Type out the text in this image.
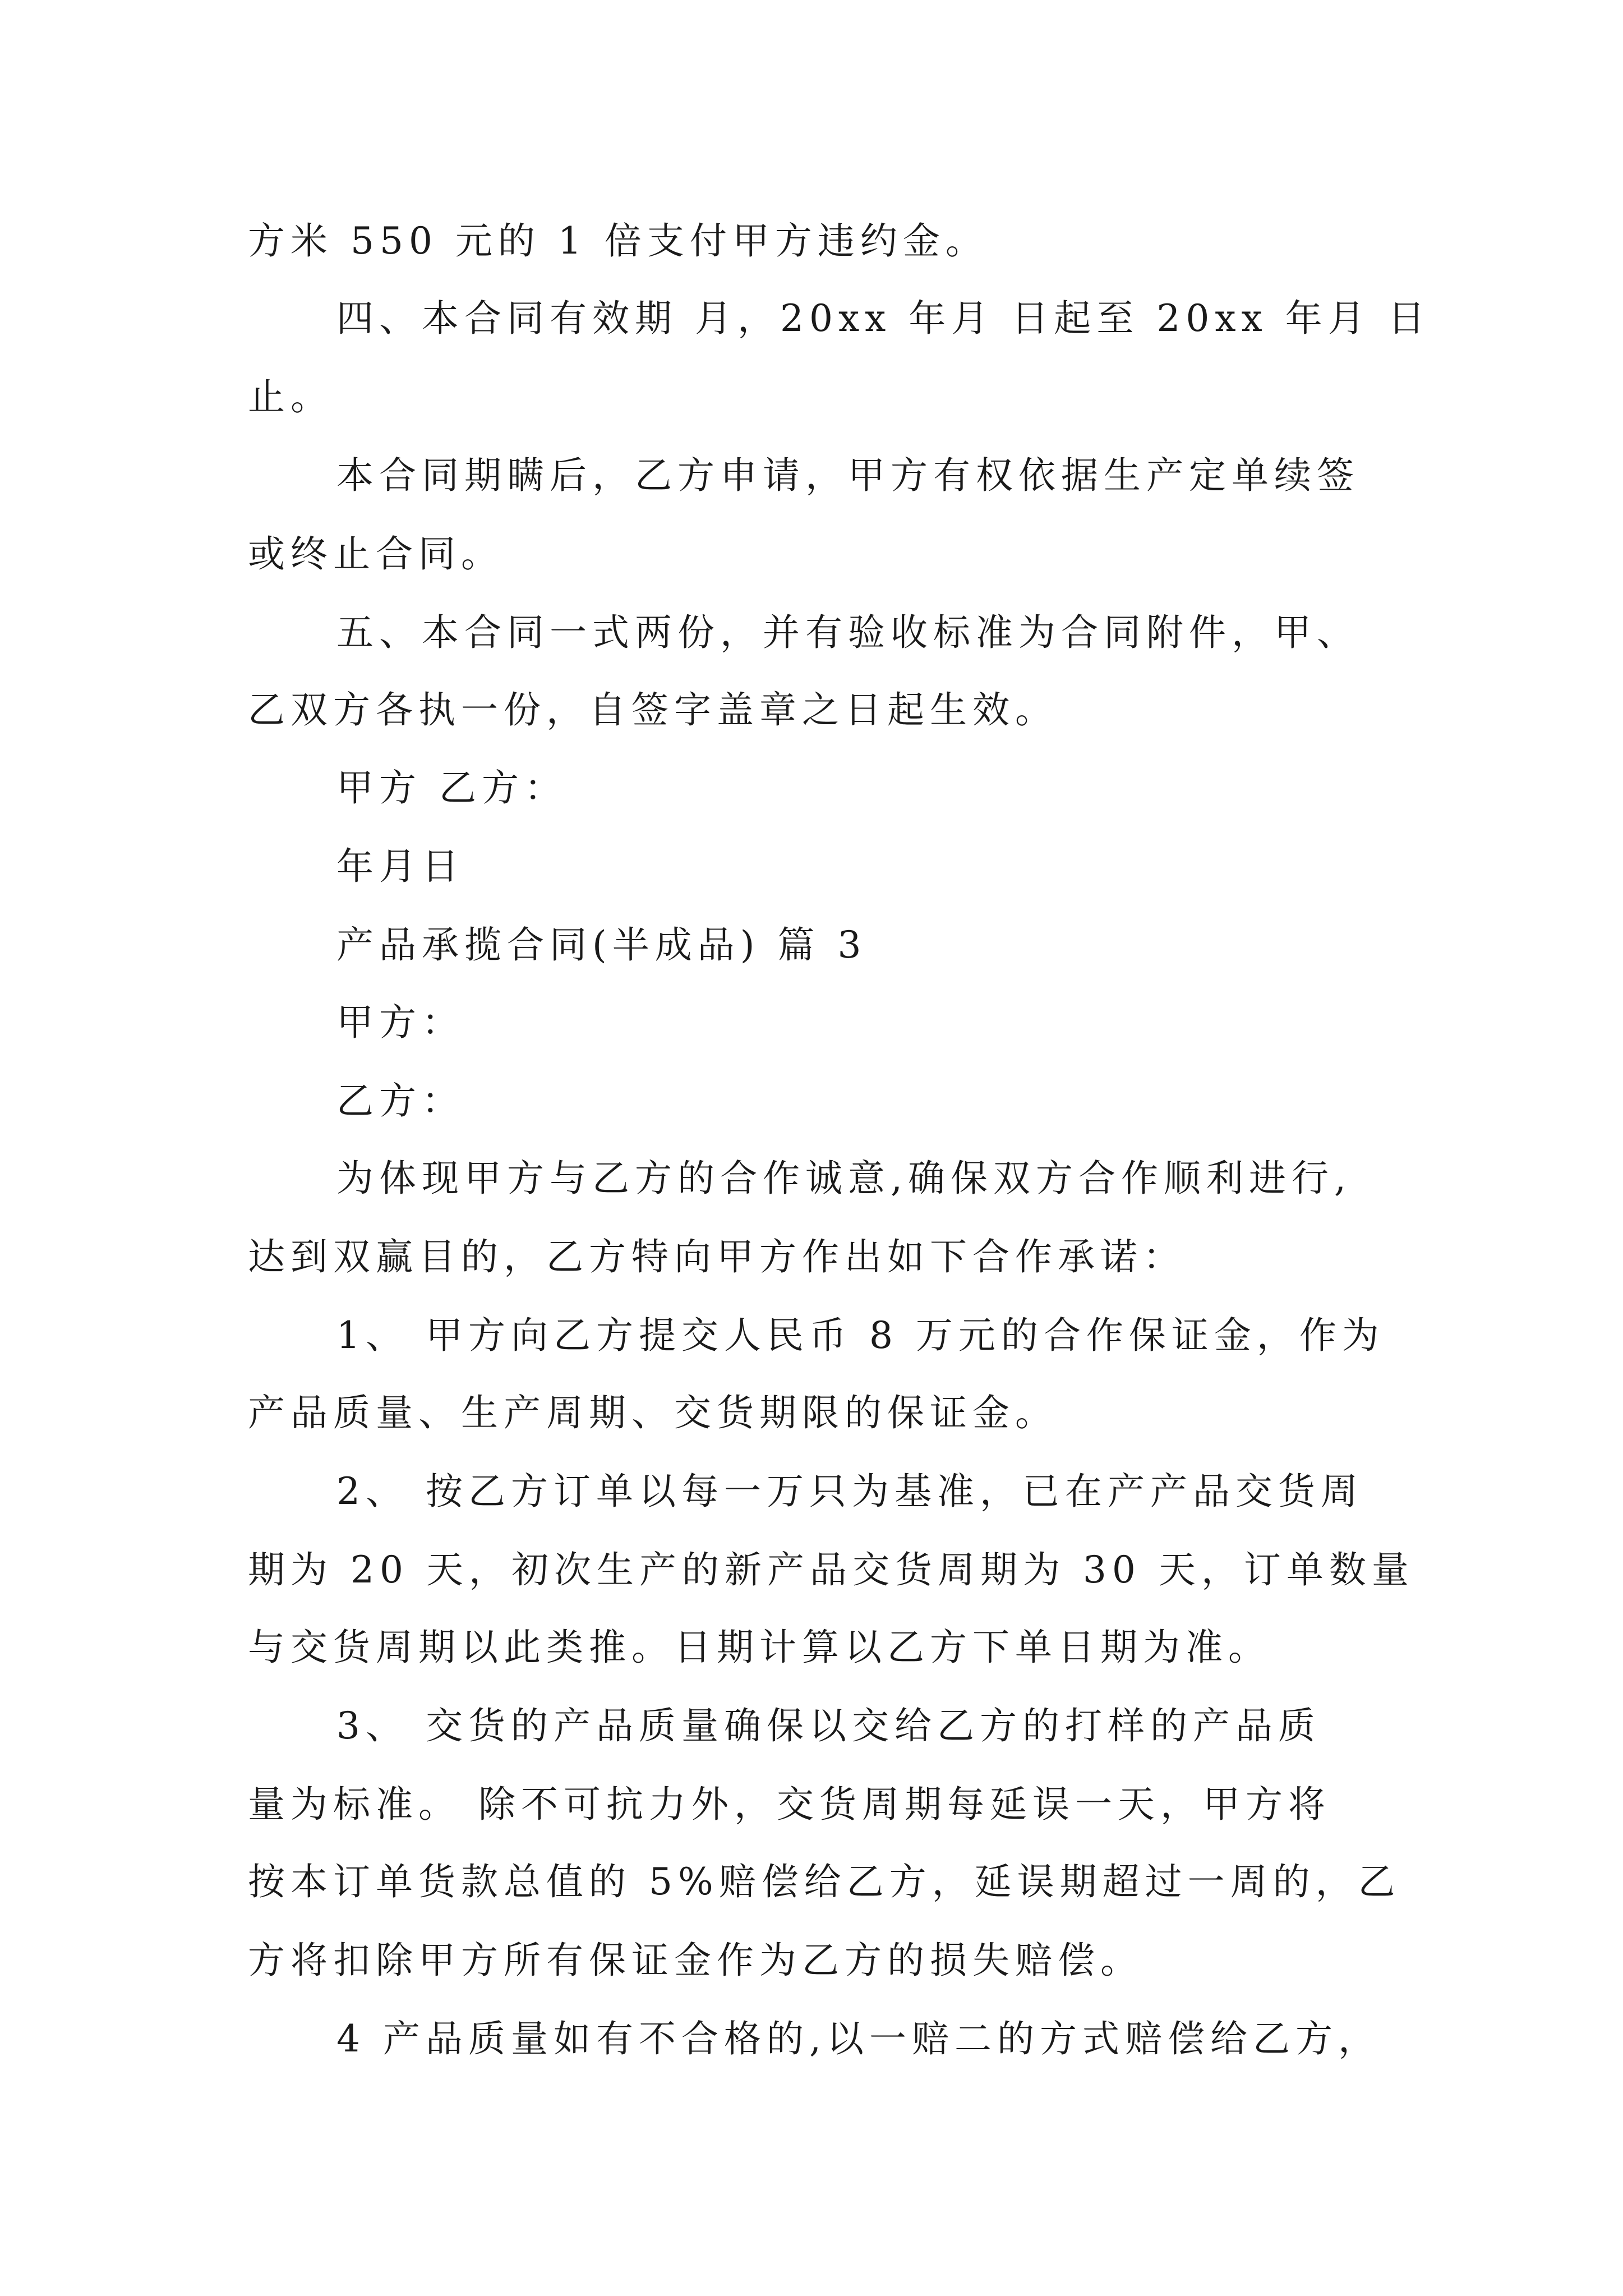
方米 550 元的 1 倍支付甲方违约金。
四、本合同有效期 月，20xx 年月 日起至 20xx 年月 日
止。
本合同期瞒后，乙方申请，甲方有权依据生产定单续签
或终止合同。
五、本合同一式两份，并有验收标准为合同附件，甲、
乙双方各执一份，自签字盖章之日起生效。
甲方 乙方：
年月日
产品承揽合同(半成品) 篇 3
甲方：
乙方：
为体现甲方与乙方的合作诚意,确保双方合作顺利进行,
达到双赢目的，乙方特向甲方作出如下合作承诺：
1、 甲方向乙方提交人民币 8 万元的合作保证金，作为
产品质量、生产周期、交货期限的保证金。
2、 按乙方订单以每一万只为基准，已在产产品交货周
期为 20 天，初次生产的新产品交货周期为 30 天，订单数量
与交货周期以此类推。日期计算以乙方下单日期为准。
3、 交货的产品质量确保以交给乙方的打样的产品质
量为标准。 除不可抗力外，交货周期每延误一天，甲方将
按本订单货款总值的 5%赔偿给乙方，延误期超过一周的，乙
方将扣除甲方所有保证金作为乙方的损失赔偿。
4 产品质量如有不合格的,以一赔二的方式赔偿给乙方，
